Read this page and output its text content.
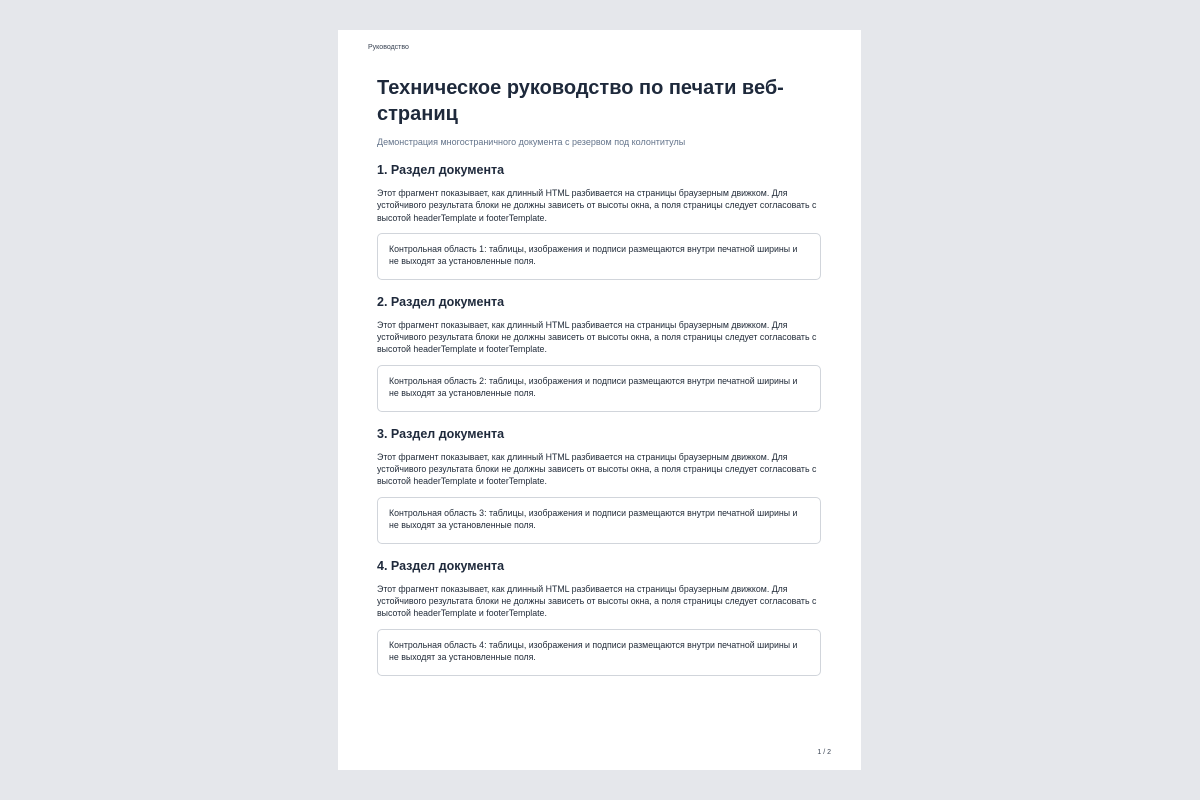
Руководство
Техническое руководство по печати веб-страниц

Демонстрация многостраничного документа с резервом под колонтитулы

1. Раздел документа

Этот фрагмент показывает, как длинный HTML разбивается на страницы браузерным движком. Для устойчивого результата блоки не должны зависеть от высоты окна, а поля страницы следует согласовать с высотой headerTemplate и footerTemplate.

Контрольная область 1: таблицы, изображения и подписи размещаются внутри печатной ширины и не выходят за установленные поля.
2. Раздел документа

Этот фрагмент показывает, как длинный HTML разбивается на страницы браузерным движком. Для устойчивого результата блоки не должны зависеть от высоты окна, а поля страницы следует согласовать с высотой headerTemplate и footerTemplate.

Контрольная область 2: таблицы, изображения и подписи размещаются внутри печатной ширины и не выходят за установленные поля.
3. Раздел документа

Этот фрагмент показывает, как длинный HTML разбивается на страницы браузерным движком. Для устойчивого результата блоки не должны зависеть от высоты окна, а поля страницы следует согласовать с высотой headerTemplate и footerTemplate.

Контрольная область 3: таблицы, изображения и подписи размещаются внутри печатной ширины и не выходят за установленные поля.
4. Раздел документа

Этот фрагмент показывает, как длинный HTML разбивается на страницы браузерным движком. Для устойчивого результата блоки не должны зависеть от высоты окна, а поля страницы следует согласовать с высотой headerTemplate и footerTemplate.

Контрольная область 4: таблицы, изображения и подписи размещаются внутри печатной ширины и не выходят за установленные поля.
1 / 2
